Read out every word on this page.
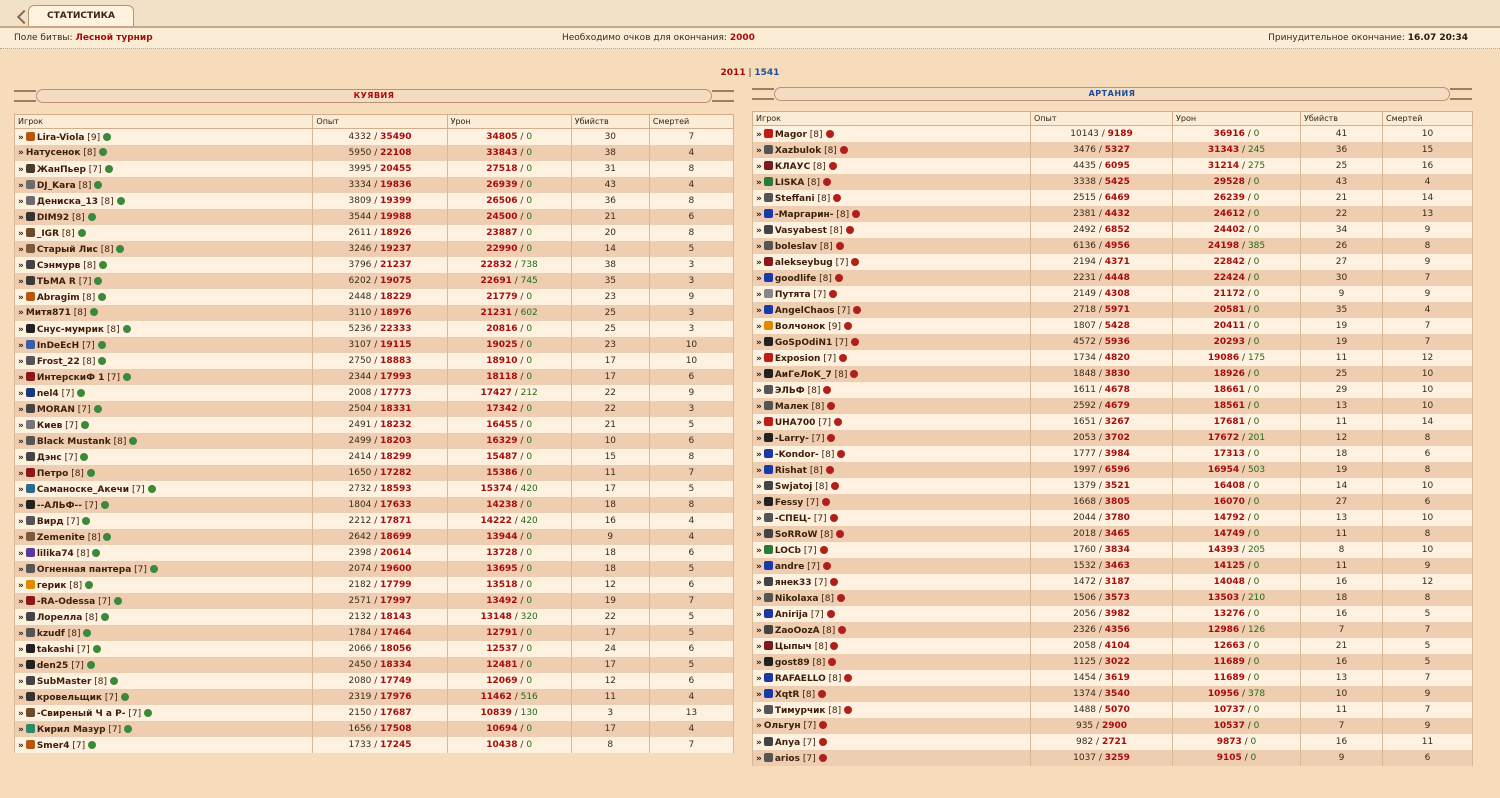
СТАТИСТИКА
Поле битвы: Лесной турнир	Необходимо очков для окончания: 2000	Принудительное окончание: 16.07 20:34
2011 | 1541
КУЯВИЯ
Игрок	Опыт	Урон	Убийств	Смертей
» Lira-Viola [9]	4332 / 35490	34805 / 0	30	7
» Натусенок [8]	5950 / 22108	33843 / 0	38	4
» ЖанПьер [7]	3995 / 20455	27518 / 0	31	8
» DJ_Kara [8]	3334 / 19836	26939 / 0	43	4
» Дениска_13 [8]	3809 / 19399	26506 / 0	36	8
» DIM92 [8]	3544 / 19988	24500 / 0	21	6
» _IGR [8]	2611 / 18926	23887 / 0	20	8
» Старый Лис [8]	3246 / 19237	22990 / 0	14	5
» Сэнмурв [8]	3796 / 21237	22832 / 738	38	3
» ТЬМА R [7]	6202 / 19075	22691 / 745	35	3
» Abragim [8]	2448 / 18229	21779 / 0	23	9
» Митя871 [8]	3110 / 18976	21231 / 602	25	3
» Снус-мумрик [8]	5236 / 22333	20816 / 0	25	3
» InDeEcH [7]	3107 / 19115	19025 / 0	23	10
» Frost_22 [8]	2750 / 18883	18910 / 0	17	10
» ИнтерскиФ 1 [7]	2344 / 17993	18118 / 0	17	6
» nel4 [7]	2008 / 17773	17427 / 212	22	9
» MORAN [7]	2504 / 18331	17342 / 0	22	3
» Киев [7]	2491 / 18232	16455 / 0	21	5
» Black Mustank [8]	2499 / 18203	16329 / 0	10	6
» Дэнс [7]	2414 / 18299	15487 / 0	15	8
» Петро [8]	1650 / 17282	15386 / 0	11	7
» Саманоске_Акечи [7]	2732 / 18593	15374 / 420	17	5
» --АЛЬФ-- [7]	1804 / 17633	14238 / 0	18	8
» Вирд [7]	2212 / 17871	14222 / 420	16	4
» Zemenite [8]	2642 / 18699	13944 / 0	9	4
» lilika74 [8]	2398 / 20614	13728 / 0	18	6
» Огненная пантера [7]	2074 / 19600	13695 / 0	18	5
» герик [8]	2182 / 17799	13518 / 0	12	6
» -RA-Odessa [7]	2571 / 17997	13492 / 0	19	7
» Лорелла [8]	2132 / 18143	13148 / 320	22	5
» kzudf [8]	1784 / 17464	12791 / 0	17	5
» takashi [7]	2066 / 18056	12537 / 0	24	6
» den25 [7]	2450 / 18334	12481 / 0	17	5
» SubMaster [8]	2080 / 17749	12069 / 0	12	6
» кровельщик [7]	2319 / 17976	11462 / 516	11	4
» -Свиреный Ч а Р- [7]	2150 / 17687	10839 / 130	3	13
» Кирил Мазур [7]	1656 / 17508	10694 / 0	17	4
» Smer4 [7]	1733 / 17245	10438 / 0	8	7
АРТАНИЯ
Игрок	Опыт	Урон	Убийств	Смертей
» Magor [8]	10143 / 9189	36916 / 0	41	10
» Xazbulok [8]	3476 / 5327	31343 / 245	36	15
» КЛАУС [8]	4435 / 6095	31214 / 275	25	16
» LISKA [8]	3338 / 5425	29528 / 0	43	4
» Steffani [8]	2515 / 6469	26239 / 0	21	14
» -Маргарин- [8]	2381 / 4432	24612 / 0	22	13
» Vasyabest [8]	2492 / 6852	24402 / 0	34	9
» boleslav [8]	6136 / 4956	24198 / 385	26	8
» alekseybug [7]	2194 / 4371	22842 / 0	27	9
» goodlife [8]	2231 / 4448	22424 / 0	30	7
» Путята [7]	2149 / 4308	21172 / 0	9	9
» AngelChaos [7]	2718 / 5971	20581 / 0	35	4
» Волчонок [9]	1807 / 5428	20411 / 0	19	7
» GoSpOdiN1 [7]	4572 / 5936	20293 / 0	19	7
» Exposion [7]	1734 / 4820	19086 / 175	11	12
» АиГеЛоК_7 [8]	1848 / 3830	18926 / 0	25	10
» ЭЛЬФ [8]	1611 / 4678	18661 / 0	29	10
» Малек [8]	2592 / 4679	18561 / 0	13	10
» UHA700 [7]	1651 / 3267	17681 / 0	11	14
» -Larry- [7]	2053 / 3702	17672 / 201	12	8
» -Kondor- [8]	1777 / 3984	17313 / 0	18	6
» Rishat [8]	1997 / 6596	16954 / 503	19	8
» Swjatoj [8]	1379 / 3521	16408 / 0	14	10
» Fessy [7]	1668 / 3805	16070 / 0	27	6
» -СПЕЦ- [7]	2044 / 3780	14792 / 0	13	10
» SoRRoW [8]	2018 / 3465	14749 / 0	11	8
» LOCb [7]	1760 / 3834	14393 / 205	8	10
» andre [7]	1532 / 3463	14125 / 0	11	9
» янек33 [7]	1472 / 3187	14048 / 0	16	12
» Nikolaxa [8]	1506 / 3573	13503 / 210	18	8
» Anirija [7]	2056 / 3982	13276 / 0	16	5
» ZaoOozA [8]	2326 / 4356	12986 / 126	7	7
» Цыпыч [8]	2058 / 4104	12663 / 0	21	5
» gost89 [8]	1125 / 3022	11689 / 0	16	5
» RAFAELLO [8]	1454 / 3619	11689 / 0	13	7
» XqtR [8]	1374 / 3540	10956 / 378	10	9
» Тимурчик [8]	1488 / 5070	10737 / 0	11	7
» Ольгун [7]	935 / 2900	10537 / 0	7	9
» Anya [7]	982 / 2721	9873 / 0	16	11
» arios [7]	1037 / 3259	9105 / 0	9	6
